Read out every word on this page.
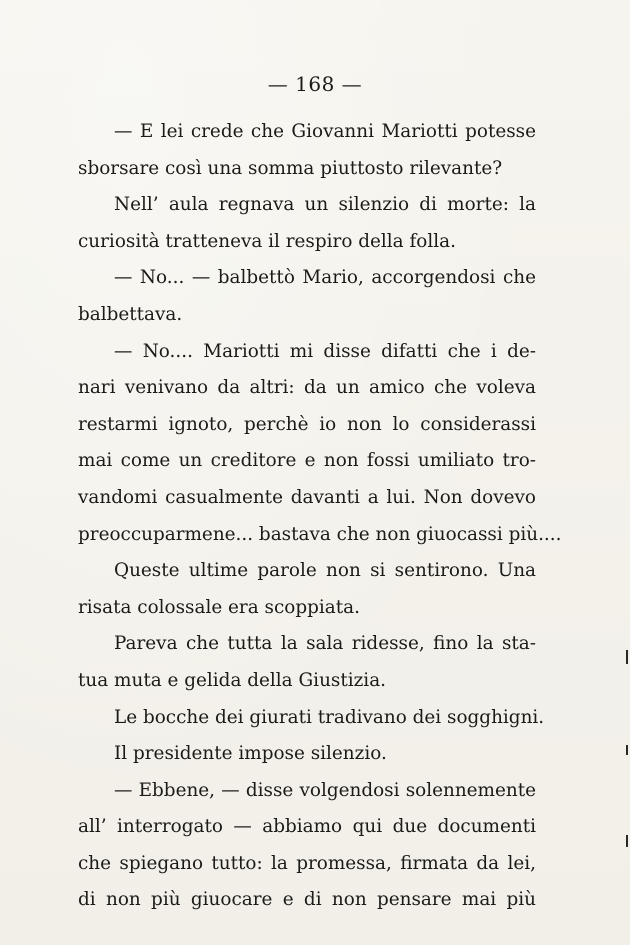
— 168 —
— E lei crede che Giovanni Mariotti potesse
sborsare così una somma piuttosto rilevante?
Nell’ aula regnava un silenzio di morte: la
curiosità tratteneva il respiro della folla.
— No... — balbettò Mario, accorgendosi che
balbettava.
— No.... Mariotti mi disse difatti che i de-
nari venivano da altri: da un amico che voleva
restarmi ignoto, perchè io non lo considerassi
mai come un creditore e non fossi umiliato tro-
vandomi casualmente davanti a lui. Non dovevo
preoccuparmene... bastava che non giuocassi più....
Queste ultime parole non si sentirono. Una
risata colossale era scoppiata.
Pareva che tutta la sala ridesse, fino la sta-
tua muta e gelida della Giustizia.
Le bocche dei giurati tradivano dei sogghigni.
Il presidente impose silenzio.
— Ebbene, — disse volgendosi solennemente
all’ interrogato — abbiamo qui due documenti
che spiegano tutto: la promessa, firmata da lei,
di non più giuocare e di non pensare mai più
